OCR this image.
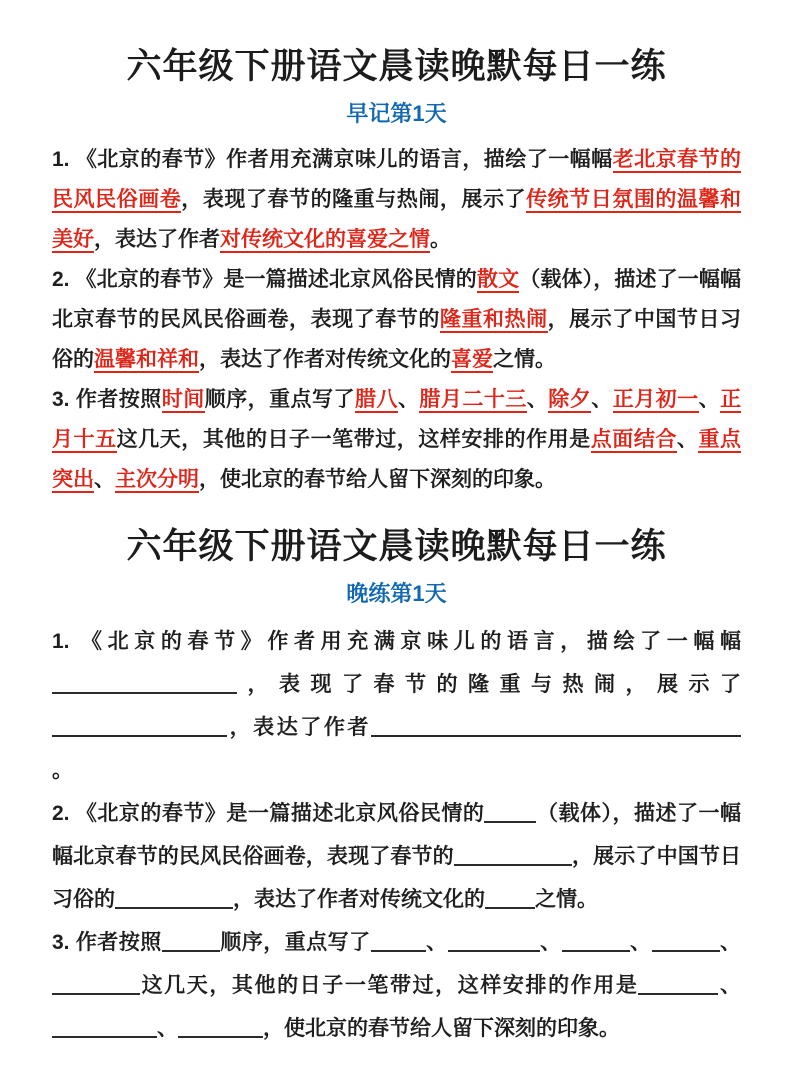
六年级下册语文晨读晚默每日一练
早记第1天

1. 《北京的春节》作者用充满京味儿的语言，描绘了一幅幅老北京春节的民风民俗画卷，表现了春节的隆重与热闹，展示了传统节日氛围的温馨和美好，表达了作者对传统文化的喜爱之情。

2. 《北京的春节》是一篇描述北京风俗民情的散文（载体），描述了一幅幅北京春节的民风民俗画卷，表现了春节的隆重和热闹，展示了中国节日习俗的温馨和祥和，表达了作者对传统文化的喜爱之情。

3. 作者按照时间顺序，重点写了腊八、腊月二十三、除夕、正月初一、正月十五这几天，其他的日子一笔带过，这样安排的作用是点面结合、重点突出、主次分明，使北京的春节给人留下深刻的印象。

六年级下册语文晨读晚默每日一练
晚练第1天

1. 《北京的春节》作者用充满京味儿的语言，描绘了一幅幅，表现了春节的隆重与热闹，展示了，表达了作者。

2. 《北京的春节》是一篇描述北京风俗民情的 （载体），描述了一幅幅北京春节的民风民俗画卷，表现了春节的	，展示了中国节日习俗的	，表达了作者对传统文化的 之情。

3. 作者按照	顺序，重点写了	、	、	、	、这几天，其他的日子一笔带过，这样安排的作用是	、、	，使北京的春节给人留下深刻的印象。
